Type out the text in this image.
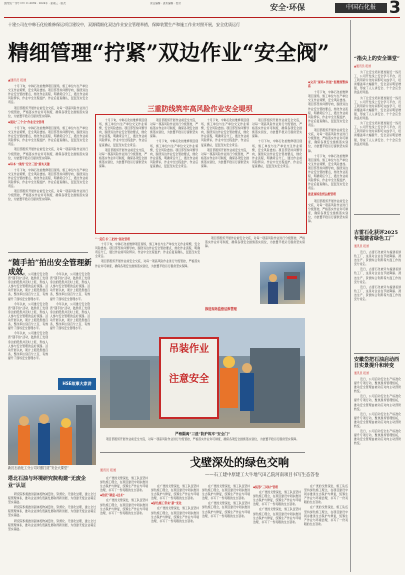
国内统一刊号 CN 11-0069 · 2024年 · 星期三 · 版次	责任编辑 · 美术编辑 · 校对	安全·环保	中国石化报 3
十建公司在中韩石化检维修保运项目建设中，双源精细化双边作业安全管理举措，保障装置生产和施工作业对照开展，安全优质运行
精细管理“拧紧”双边作业“安全阀”
▲通讯员 报道

十月下旬，中韩石化检维修项目现场，施工单位与生产单位交叉作业频繁，安全风险叠加。项目部坚持问题导向，围绕双边作业安全管控要点，细化作业流程，明确责任分工，通过作业前风险辨识、作业中全过程监护、作业后复查确认，层层压实安全责任。

项目部组织开展作业前安全交底，对每一项高风险作业进行分级管控，严格落实作业许可制度，确保各项安全措施落实到位，为装置平稳运行提供坚实保障。

◆强化“三个全”作业安全管理

十月下旬，中韩石化检维修项目现场，施工单位与生产单位交叉作业频繁，安全风险叠加。项目部坚持问题导向，围绕双边作业安全管控要点，细化作业流程，明确责任分工，通过作业前风险辨识、作业中全过程监护、作业后复查确认，层层压实安全责任。

项目部组织开展作业前安全交底，对每一项高风险作业进行分级管控，严格落实作业许可制度，确保各项安全措施落实到位，为装置平稳运行提供坚实保障。

◆每本一线的“安全三道”落实关键

十月下旬，中韩石化检维修项目现场，施工单位与生产单位交叉作业频繁，安全风险叠加。项目部坚持问题导向，围绕双边作业安全管控要点，细化作业流程，明确责任分工，通过作业前风险辨识、作业中全过程监护、作业后复查确认，层层压实安全责任。

项目部组织开展作业前安全交底，对每一项高风险作业进行分级管控，严格落实作业许可制度，确保各项安全措施落实到位，为装置平稳运行提供坚实保障。

三重防线筑牢高风险作业安全堤坝

十月下旬，中韩石化检维修项目现场，施工单位与生产单位交叉作业频繁，安全风险叠加。项目部坚持问题导向，围绕双边作业安全管控要点，细化作业流程，明确责任分工，通过作业前风险辨识、作业中全过程监护、作业后复查确认，层层压实安全责任。

项目部组织开展作业前安全交底，对每一项高风险作业进行分级管控，严格落实作业许可制度，确保各项安全措施落实到位，为装置平稳运行提供坚实保障。

项目部组织开展作业前安全交底，对每一项高风险作业进行分级管控，严格落实作业许可制度，确保各项安全措施落实到位，为装置平稳运行提供坚实保障。

十月下旬，中韩石化检维修项目现场，施工单位与生产单位交叉作业频繁，安全风险叠加。项目部坚持问题导向，围绕双边作业安全管控要点，细化作业流程，明确责任分工，通过作业前风险辨识、作业中全过程监护、作业后复查确认，层层压实安全责任。

十月下旬，中韩石化检维修项目现场，施工单位与生产单位交叉作业频繁，安全风险叠加。项目部坚持问题导向，围绕双边作业安全管控要点，细化作业流程，明确责任分工，通过作业前风险辨识、作业中全过程监护、作业后复查确认，层层压实安全责任。

项目部组织开展作业前安全交底，对每一项高风险作业进行分级管控，严格落实作业许可制度，确保各项安全措施落实到位，为装置平稳运行提供坚实保障。

项目部组织开展作业前安全交底，对每一项高风险作业进行分级管控，严格落实作业许可制度，确保各项安全措施落实到位，为装置平稳运行提供坚实保障。

十月下旬，中韩石化检维修项目现场，施工单位与生产单位交叉作业频繁，安全风险叠加。项目部坚持问题导向，围绕双边作业安全管控要点，细化作业流程，明确责任分工，通过作业前风险辨识、作业中全过程监护、作业后复查确认，层层压实安全责任。

◆完善“现场+智能”监测预警体系

十月下旬，中韩石化检维修项目现场，施工单位与生产单位交叉作业频繁，安全风险叠加。项目部坚持问题导向，围绕双边作业安全管控要点，细化作业流程，明确责任分工，通过作业前风险辨识、作业中全过程监护、作业后复查确认，层层压实安全责任。

项目部组织开展作业前安全交底，对每一项高风险作业进行分级管控，严格落实作业许可制度，确保各项安全措施落实到位，为装置平稳运行提供坚实保障。

十月下旬，中韩石化检维修项目现场，施工单位与生产单位交叉作业频繁，安全风险叠加。项目部坚持问题导向，围绕双边作业安全管控要点，细化作业流程，明确责任分工，通过作业前风险辨识、作业中全过程监护、作业后复查确认，层层压实安全责任。

推进现场监督运维管理

项目部组织开展作业前安全交底，对每一项高风险作业进行分级管控，严格落实作业许可制度，确保各项安全措施落实到位，为装置平稳运行提供坚实保障。

“一责任书·三把控”强化管理

十月下旬，中韩石化检维修项目现场，施工单位与生产单位交叉作业频繁，安全风险叠加。项目部坚持问题导向，围绕双边作业安全管控要点，细化作业流程，明确责任分工，通过作业前风险辨识、作业中全过程监护、作业后复查确认，层层压实安全责任。

项目部组织开展作业前安全交底，对每一项高风险作业进行分级管控，严格落实作业许可制度，确保各项安全措施落实到位，为装置平稳运行提供坚实保障。

项目部组织开展作业前安全交底，对每一项高风险作业进行分级管控，严格落实作业许可制度，确保各项安全措施落实到位，为装置平稳运行提供坚实保障。

推进现场监督运维管理
“随手拍”拍出安全管理新成效

今年以来，公司推行安全隐患“随手拍”活动，鼓励员工发现身边的隐患并及时上报，形成人人参与安全管理的良好氛围。活动开展以来，累计上报隐患数百条，整改率达到百分之百，有效提升了现场安全管理水平。

今年以来，公司推行安全隐患“随手拍”活动，鼓励员工发现身边的隐患并及时上报，形成人人参与安全管理的良好氛围。活动开展以来，累计上报隐患数百条，整改率达到百分之百，有效提升了现场安全管理水平。

今年以来，公司推行安全隐患“随手拍”活动，鼓励员工发现身边的隐患并及时上报，形成人人参与安全管理的良好氛围。活动开展以来，累计上报隐患数百条，整改率达到百分之百，有效提升了现场安全管理水平。

今年以来，公司推行安全隐患“随手拍”活动，鼓励员工发现身边的隐患并及时上报，形成人人参与安全管理的良好氛围。活动开展以来，累计上报隐患数百条，整改率达到百分之百，有效提升了现场安全管理水平。

今年以来，公司推行安全隐患“随手拍”活动，鼓励员工发现身边的隐患并及时上报，形成人人参与安全管理的良好氛围。活动开展以来，累计上报隐患数百条，整改率达到百分之百，有效提升了现场安全管理水平。

HSE故事大家讲
吊装作业
注意安全
严格隔离“三道”防护筑牢“安全门”

项目部组织开展作业前安全交底，对每一项高风险作业进行分级管控，严格落实作业许可制度，确保各项安全措施落实到位，为装置平稳运行提供坚实保障。

新沈石油化工分公司对照打造“安全大课堂”
塔北石油与环境研究院构建“无废企业”认证

研究院积极推进固体废物减量化、资源化、无害化处理，建立全过程管理体系，推动企业绿色低碳发展取得新进展，为创建无废企业奠定坚实基础。

研究院积极推进固体废物减量化、资源化、无害化处理，建立全过程管理体系，推动企业绿色低碳发展取得新进展，为创建无废企业奠定坚实基础。

研究院积极推进固体废物减量化、资源化、无害化处理，建立全过程管理体系，推动企业绿色低碳发展取得新进展，为创建无废企业奠定坚实基础。

戈壁深处的绿色交响
——石工建中原建工大牛地气田乙院河南项目书写生态答卷
通讯员 报道

在广袤的戈壁深处，施工队伍坚持绿色施工理念，在项目建设中同步推进生态保护与修复，统筹生产作业与环境治理，书写了一份亮眼的生态答卷。

◆依托“制度+技术”

在广袤的戈壁深处，施工队伍坚持绿色施工理念，在项目建设中同步推进生态保护与修复，统筹生产作业与环境治理，书写了一份亮眼的生态答卷。

在广袤的戈壁深处，施工队伍坚持绿色施工理念，在项目建设中同步推进生态保护与修复，统筹生产作业与环境治理，书写了一份亮眼的生态答卷。

◆绿色施工带来“新”变化

在广袤的戈壁深处，施工队伍坚持绿色施工理念，在项目建设中同步推进生态保护与修复，统筹生产作业与环境治理，书写了一份亮眼的生态答卷。

在广袤的戈壁深处，施工队伍坚持绿色施工理念，在项目建设中同步推进生态保护与修复，统筹生产作业与环境治理，书写了一份亮眼的生态答卷。

在广袤的戈壁深处，施工队伍坚持绿色施工理念，在项目建设中同步推进生态保护与修复，统筹生产作业与环境治理，书写了一份亮眼的生态答卷。

◆统筹“三同时”管理

在广袤的戈壁深处，施工队伍坚持绿色施工理念，在项目建设中同步推进生态保护与修复，统筹生产作业与环境治理，书写了一份亮眼的生态答卷。

在广袤的戈壁深处，施工队伍坚持绿色施工理念，在项目建设中同步推进生态保护与修复，统筹生产作业与环境治理，书写了一份亮眼的生态答卷。

在广袤的戈壁深处，施工队伍坚持绿色施工理念，在项目建设中同步推进生态保护与修复，统筹生产作业与环境治理，书写了一份亮眼的生态答卷。

在广袤的戈壁深处，施工队伍坚持绿色施工理念，在项目建设中同步推进生态保护与修复，统筹生产作业与环境治理，书写了一份亮眼的生态答卷。

“指尖上的安全课堂”
▲通讯员 报道

为了让安全培训更加贴近一线员工，公司开发线上安全学习平台，员工利用碎片化时间即可完成学习，培训覆盖率大幅提升，安全意识明显增强，形成了人人讲安全、个个会应急的良好局面。

为了让安全培训更加贴近一线员工，公司开发线上安全学习平台，员工利用碎片化时间即可完成学习，培训覆盖率大幅提升，安全意识明显增强，形成了人人讲安全、个个会应急的良好局面。

为了让安全培训更加贴近一线员工，公司开发线上安全学习平台，员工利用碎片化时间即可完成学习，培训覆盖率大幅提升，安全意识明显增强，形成了人人讲安全、个个会应急的良好局面。

古雷石化获评2025年福建省绿色工厂
通讯员 报道

近日，古雷石化被评为福建省绿色工厂，这是对企业在节能降碳、清洁生产、资源综合利用等方面工作的充分肯定。

近日，古雷石化被评为福建省绿色工厂，这是对企业在节能降碳、清洁生产、资源综合利用等方面工作的充分肯定。

近日，古雷石化被评为福建省绿色工厂，这是对企业在节能降碳、清洁生产、资源综合利用等方面工作的充分肯定。

安徽岱把石油启动西日实景提升和转变
通讯员 报道

近日，公司启动安全生产标准化提升专项行动，聚焦现场管理短板，推动安全管理由被动应对向主动预防转变。

近日，公司启动安全生产标准化提升专项行动，聚焦现场管理短板，推动安全管理由被动应对向主动预防转变。

近日，公司启动安全生产标准化提升专项行动，聚焦现场管理短板，推动安全管理由被动应对向主动预防转变。

近日，公司启动安全生产标准化提升专项行动，聚焦现场管理短板，推动安全管理由被动应对向主动预防转变。
